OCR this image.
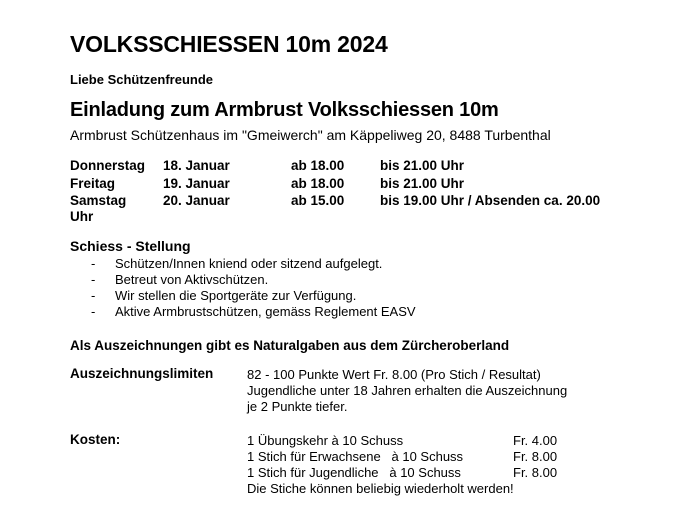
VOLKSSCHIESSEN 10m 2024
Liebe Schützenfreunde
Einladung zum Armbrust Volksschiessen 10m
Armbrust Schützenhaus im "Gmeiwerch" am Käppeliweg 20, 8488 Turbenthal
Donnerstag 18. Januar	ab 18.00	bis 21.00 Uhr
Freitag	19. Januar	ab 18.00	bis 21.00 Uhr
Samstag	20. Januar	ab 15.00	bis 19.00 Uhr / Absenden ca. 20.00
Uhr
Schiess - Stellung
- Schützen/Innen kniend oder sitzend aufgelegt.
- Betreut von Aktivschützen.
- Wir stellen die Sportgeräte zur Verfügung.
- Aktive Armbrustschützen, gemäss Reglement EASV
Als Auszeichnungen gibt es Naturalgaben aus dem Zürcheroberland
Auszeichnungslimiten	82 - 100 Punkte Wert Fr. 8.00 (Pro Stich / Resultat)
Jugendliche unter 18 Jahren erhalten die Auszeichnung
je 2 Punkte tiefer.
Kosten:	1 Übungskehr à 10 Schuss	Fr. 4.00
1 Stich für Erwachsene   à 10 Schuss	Fr. 8.00
1 Stich für Jugendliche   à 10 Schuss	Fr. 8.00
Die Stiche können beliebig wiederholt werden!
